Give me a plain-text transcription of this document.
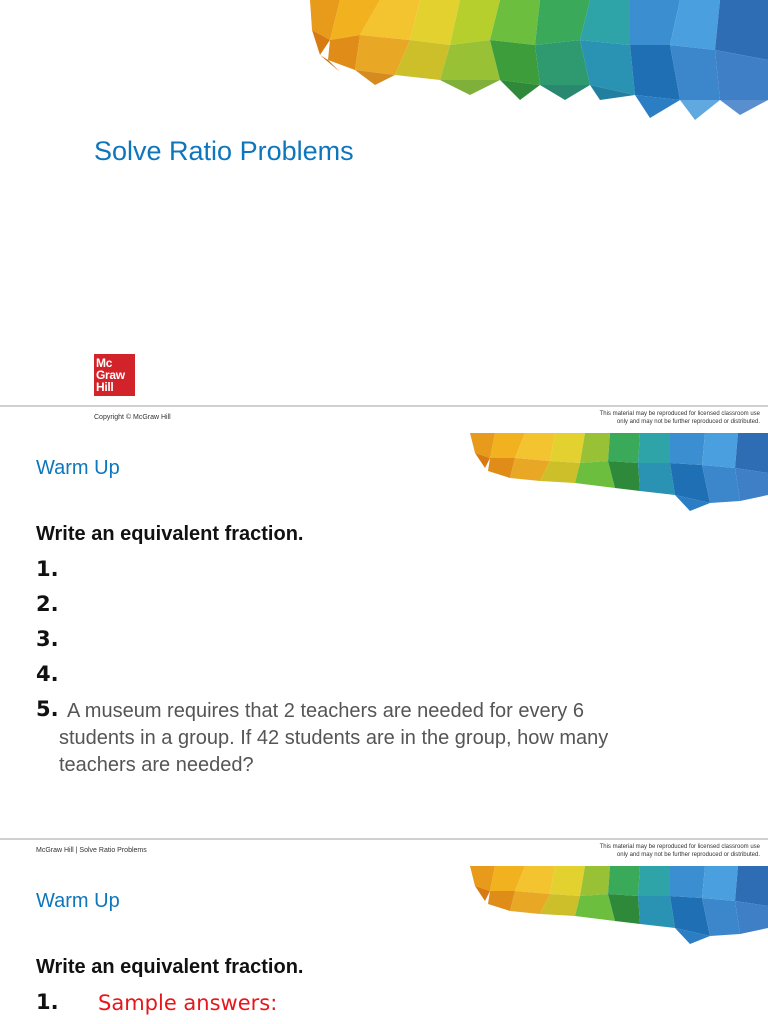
Solve Ratio Problems
Mc
Graw
Hill
Copyright © McGraw Hill	This material may be reproduced for licensed classroom use
only and may not be further reproduced or distributed.
Warm Up
Write an equivalent fraction.
1.
2.
3.
4.
5. A museum requires that 2 teachers are needed for every 6 students in a group. If 42 students are in the group, how many teachers are needed?
McGraw Hill | Solve Ratio Problems	This material may be reproduced for licensed classroom use
only and may not be further reproduced or distributed.
Warm Up
Write an equivalent fraction.
1. Sample answers:
